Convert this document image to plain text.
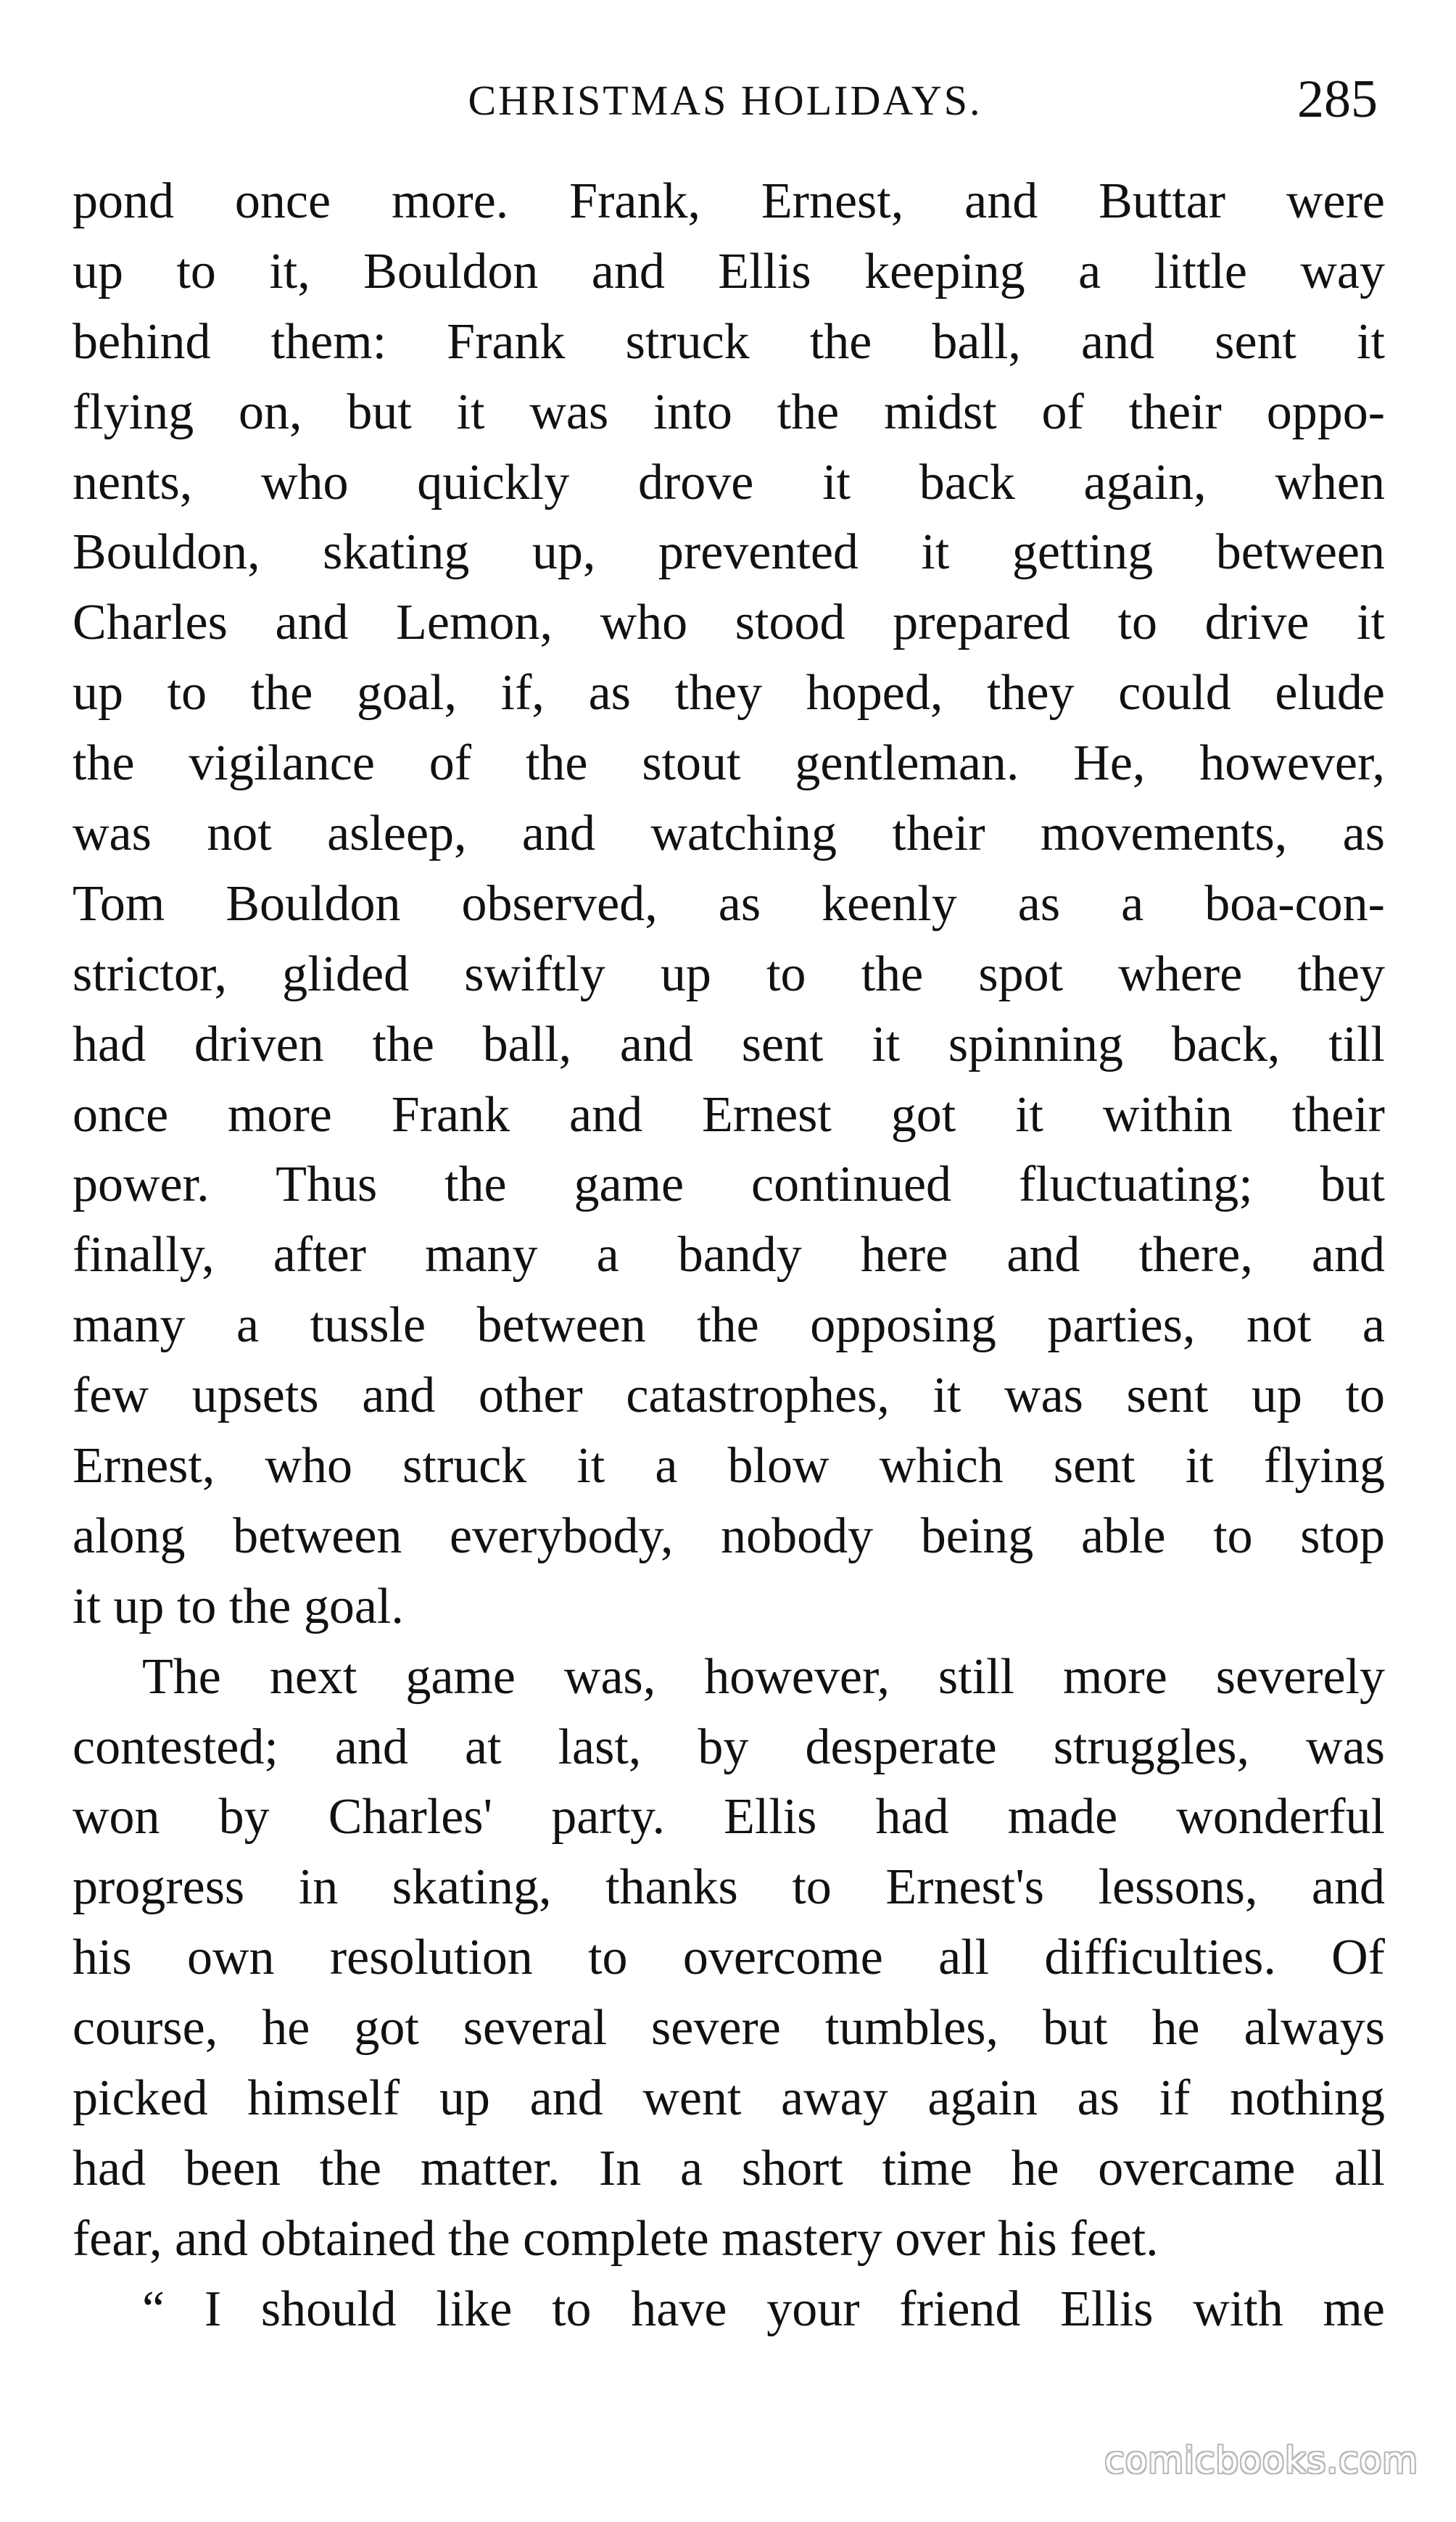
CHRISTMAS HOLIDAYS.	285
pond once more. Frank, Ernest, and Buttar were
up to it, Bouldon and Ellis keeping a little way
behind them: Frank struck the ball, and sent it
flying on, but it was into the midst of their oppo-
nents, who quickly drove it back again, when
Bouldon, skating up, prevented it getting between
Charles and Lemon, who stood prepared to drive it
up to the goal, if, as they hoped, they could elude
the vigilance of the stout gentleman. He, however,
was not asleep, and watching their movements, as
Tom Bouldon observed, as keenly as a boa-con-
strictor, glided swiftly up to the spot where they
had driven the ball, and sent it spinning back, till
once more Frank and Ernest got it within their
power. Thus the game continued fluctuating; but
finally, after many a bandy here and there, and
many a tussle between the opposing parties, not a
few upsets and other catastrophes, it was sent up to
Ernest, who struck it a blow which sent it flying
along between everybody, nobody being able to stop
it up to the goal.
The next game was, however, still more severely
contested; and at last, by desperate struggles, was
won by Charles' party. Ellis had made wonderful
progress in skating, thanks to Ernest's lessons, and
his own resolution to overcome all difficulties. Of
course, he got several severe tumbles, but he always
picked himself up and went away again as if nothing
had been the matter. In a short time he overcame all
fear, and obtained the complete mastery over his feet.
“ I should like to have your friend Ellis with me
comicbooks.com
